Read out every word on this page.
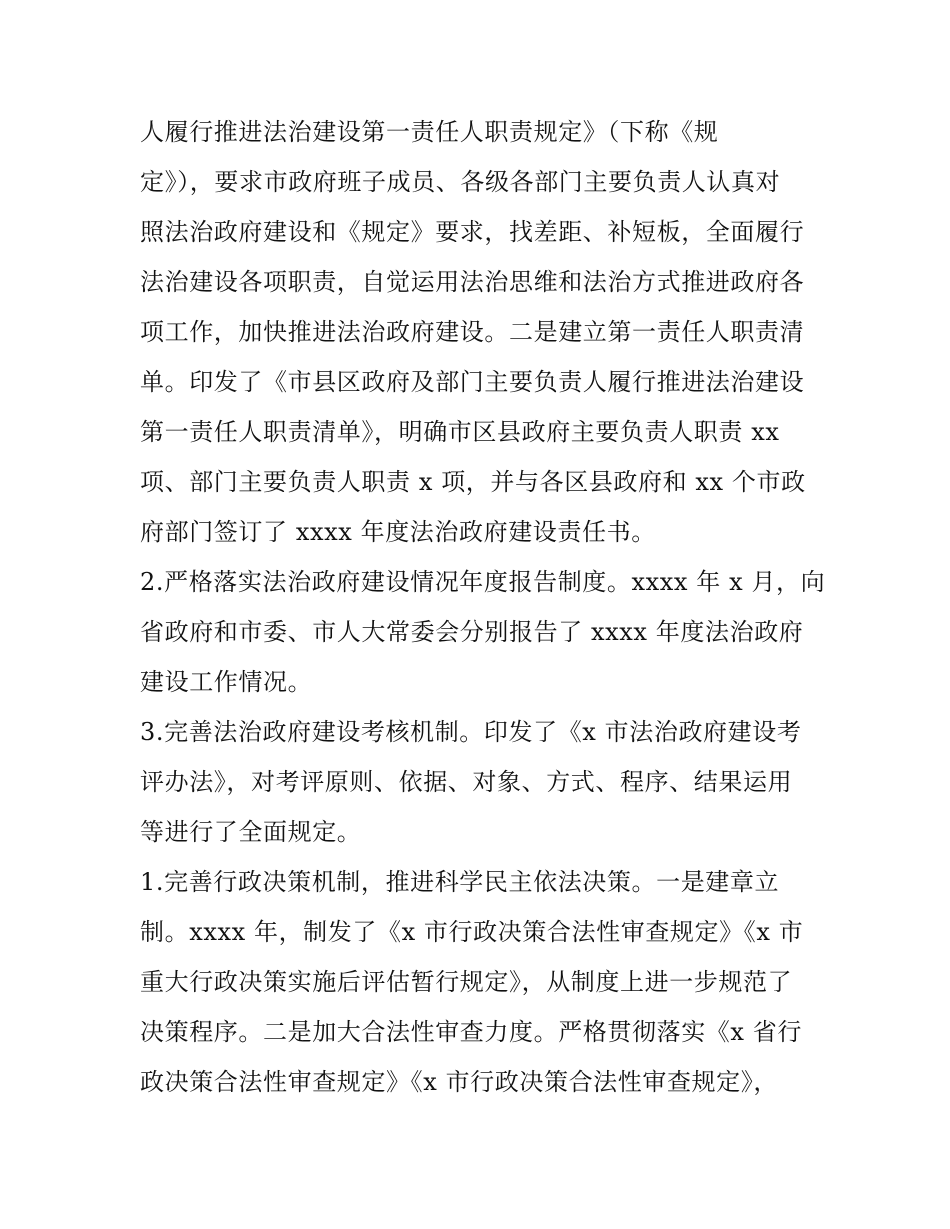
人履行推进法治建设第一责任人职责规定》（下称《规
定》），要求市政府班子成员、各级各部门主要负责人认真对
照法治政府建设和《规定》要求，找差距、补短板，全面履行
法治建设各项职责，自觉运用法治思维和法治方式推进政府各
项工作，加快推进法治政府建设。二是建立第一责任人职责清
单。印发了《市县区政府及部门主要负责人履行推进法治建设
第一责任人职责清单》，明确市区县政府主要负责人职责 xx
项、部门主要负责人职责 x 项，并与各区县政府和 xx 个市政
府部门签订了 xxxx 年度法治政府建设责任书。
2.严格落实法治政府建设情况年度报告制度。xxxx 年 x 月，向
省政府和市委、市人大常委会分别报告了 xxxx 年度法治政府
建设工作情况。
3.完善法治政府建设考核机制。印发了《x 市法治政府建设考
评办法》，对考评原则、依据、对象、方式、程序、结果运用
等进行了全面规定。
1.完善行政决策机制，推进科学民主依法决策。一是建章立
制。xxxx 年，制发了《x 市行政决策合法性审查规定》《x 市
重大行政决策实施后评估暂行规定》，从制度上进一步规范了
决策程序。二是加大合法性审查力度。严格贯彻落实《x 省行
政决策合法性审查规定》《x 市行政决策合法性审查规定》，
